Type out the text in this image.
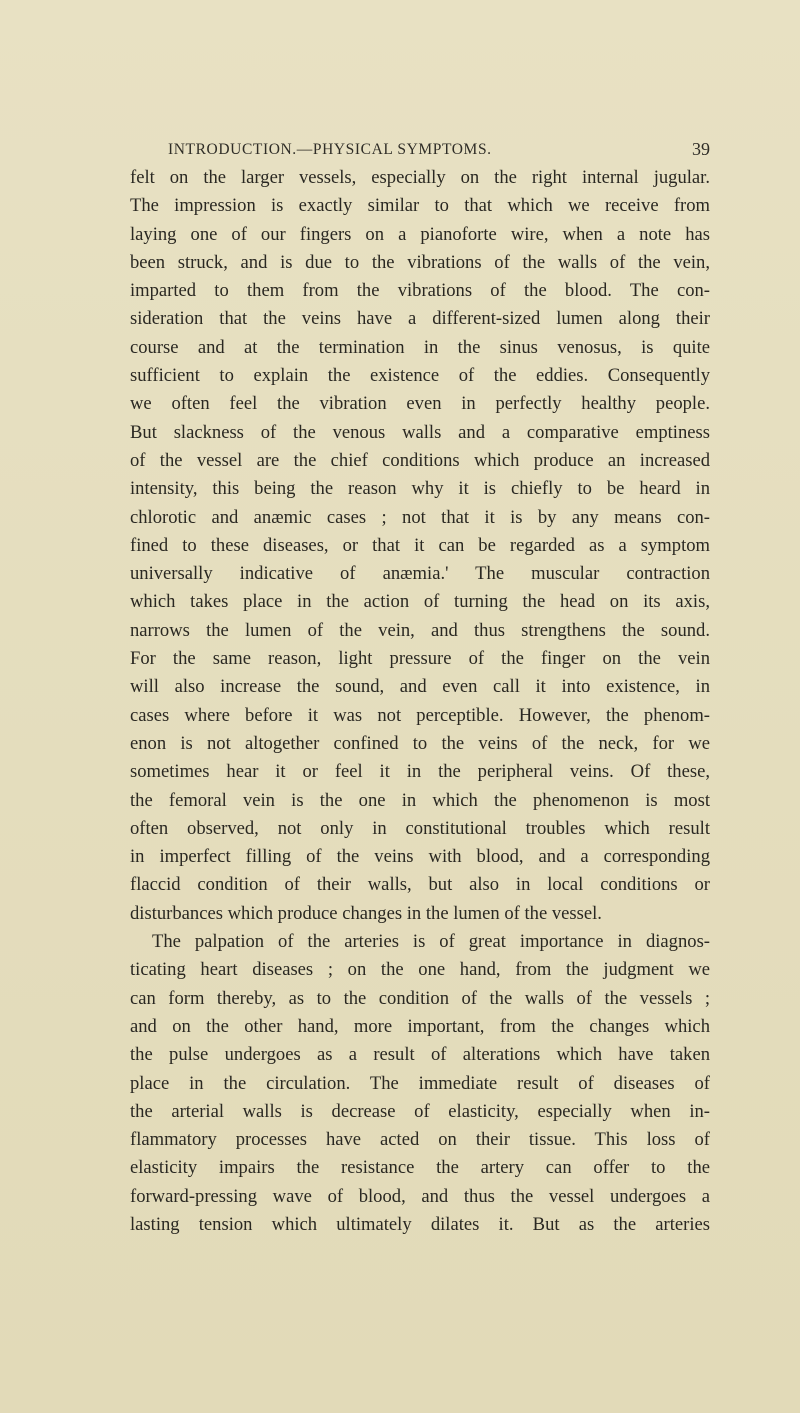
INTRODUCTION.—PHYSICAL SYMPTOMS.	39
felt on the larger vessels, especially on the right internal jugular.
The impression is exactly similar to that which we receive from
laying one of our fingers on a pianoforte wire, when a note has
been struck, and is due to the vibrations of the walls of the vein,
imparted to them from the vibrations of the blood. The con-
sideration that the veins have a different-sized lumen along their
course and at the termination in the sinus venosus, is quite
sufficient to explain the existence of the eddies. Consequently
we often feel the vibration even in perfectly healthy people.
But slackness of the venous walls and a comparative emptiness
of the vessel are the chief conditions which produce an increased
intensity, this being the reason why it is chiefly to be heard in
chlorotic and anæmic cases ; not that it is by any means con-
fined to these diseases, or that it can be regarded as a symptom
universally indicative of anæmia.' The muscular contraction
which takes place in the action of turning the head on its axis,
narrows the lumen of the vein, and thus strengthens the sound.
For the same reason, light pressure of the finger on the vein
will also increase the sound, and even call it into existence, in
cases where before it was not perceptible. However, the phenom-
enon is not altogether confined to the veins of the neck, for we
sometimes hear it or feel it in the peripheral veins. Of these,
the femoral vein is the one in which the phenomenon is most
often observed, not only in constitutional troubles which result
in imperfect filling of the veins with blood, and a corresponding
flaccid condition of their walls, but also in local conditions or
disturbances which produce changes in the lumen of the vessel.
The palpation of the arteries is of great importance in diagnos-
ticating heart diseases ; on the one hand, from the judgment we
can form thereby, as to the condition of the walls of the vessels ;
and on the other hand, more important, from the changes which
the pulse undergoes as a result of alterations which have taken
place in the circulation. The immediate result of diseases of
the arterial walls is decrease of elasticity, especially when in-
flammatory processes have acted on their tissue. This loss of
elasticity impairs the resistance the artery can offer to the
forward-pressing wave of blood, and thus the vessel undergoes a
lasting tension which ultimately dilates it. But as the arteries
